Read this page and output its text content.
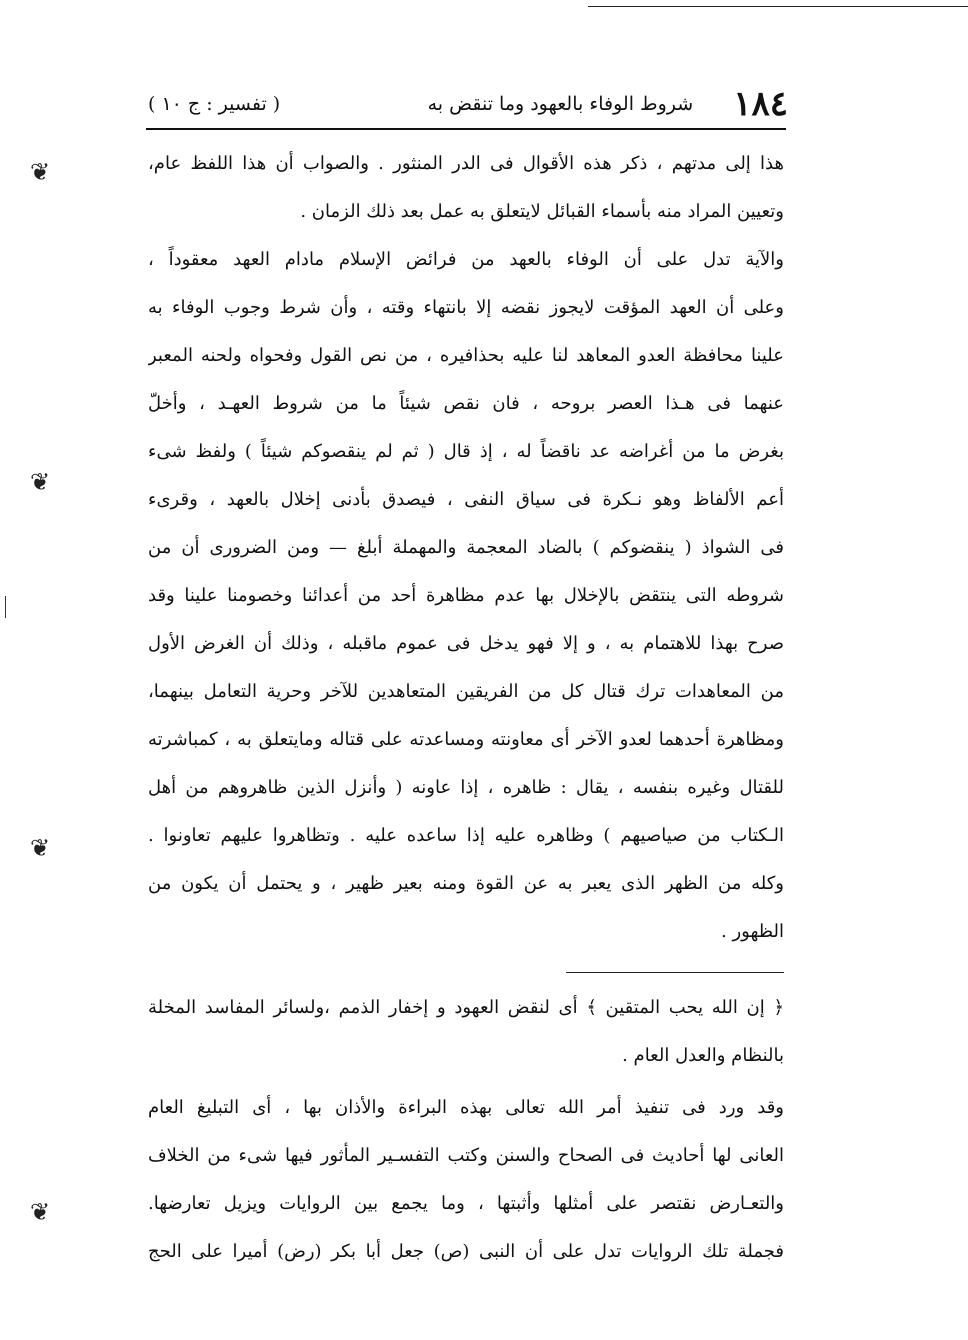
١٨٤
شروط الوفاء بالعهود وما تنقض به
( تفسير : ج ١٠ )
هذا إلى مدتهم ، ذكر هذه الأقوال فى الدر المنثور . والصواب أن هذا اللفظ عام،
وتعيين المراد منه بأسماء القبائل لايتعلق به عمل بعد ذلك الزمان .
والآية تدل على أن الوفاء بالعهد من فرائض الإسلام مادام العهد معقوداً ،
وعلى أن العهد المؤقت لايجوز نقضه إلا بانتهاء وقته ، وأن شرط وجوب الوفاء به
علينا محافظة العدو المعاهد لنا عليه بحذافيره ، من نص القول وفحواه ولحنه المعبر
عنهما فى هـذا العصر بروحه ، فان نقص شيئاً ما من شروط العهـد ، وأخلّ
بغرض ما من أغراضه عد ناقضاً له ، إذ قال ( ثم لم ينقصوكم شيئاً ) ولفظ شىء
أعم الألفاظ وهو نـكرة فى سياق النفى ، فيصدق بأدنى إخلال بالعهد ، وقرىء
فى الشواذ ( ينقضوكم ) بالضاد المعجمة والمهملة أبلغ — ومن الضرورى أن من
شروطه التى ينتقض بالإخلال بها عدم مظاهرة أحد من أعدائنا وخصومنا علينا وقد
صرح بهذا للاهتمام به ، و إلا فهو يدخل فى عموم ماقبله ، وذلك أن الغرض الأول
من المعاهدات ترك قتال كل من الفريقين المتعاهدين للآخر وحرية التعامل بينهما،
ومظاهرة أحدهما لعدو الآخر أى معاونته ومساعدته على قتاله ومايتعلق به ، كمباشرته
للقتال وغيره بنفسه ، يقال : ظاهره ، إذا عاونه ( وأنزل الذين ظاهروهم من أهل
الـكتاب من صياصيهم ) وظاهره عليه إذا ساعده عليه . وتظاهروا عليهم تعاونوا .
وكله من الظهر الذى يعبر به عن القوة ومنه بعير ظهير ، و يحتمل أن يكون من
الظهور .
﴿ إن الله يحب المتقين ﴾ أى لنقض العهود و إخفار الذمم ،ولسائر المفاسد المخلة
بالنظام والعدل العام .
وقد ورد فى تنفيذ أمر الله تعالى بهذه البراءة والأذان بها ، أى التبليغ العام
العانى لها أحاديث فى الصحاح والسنن وكتب التفسـير المأثور فيها شىء من الخلاف
والتعـارض نقتصر على أمثلها وأثبتها ، وما يجمع بين الروايات ويزيل تعارضها.
فجملة تلك الروايات تدل على أن النبى (ص) جعل أبا بكر (رض) أميرا على الحج
❦
❦
❦
❦
